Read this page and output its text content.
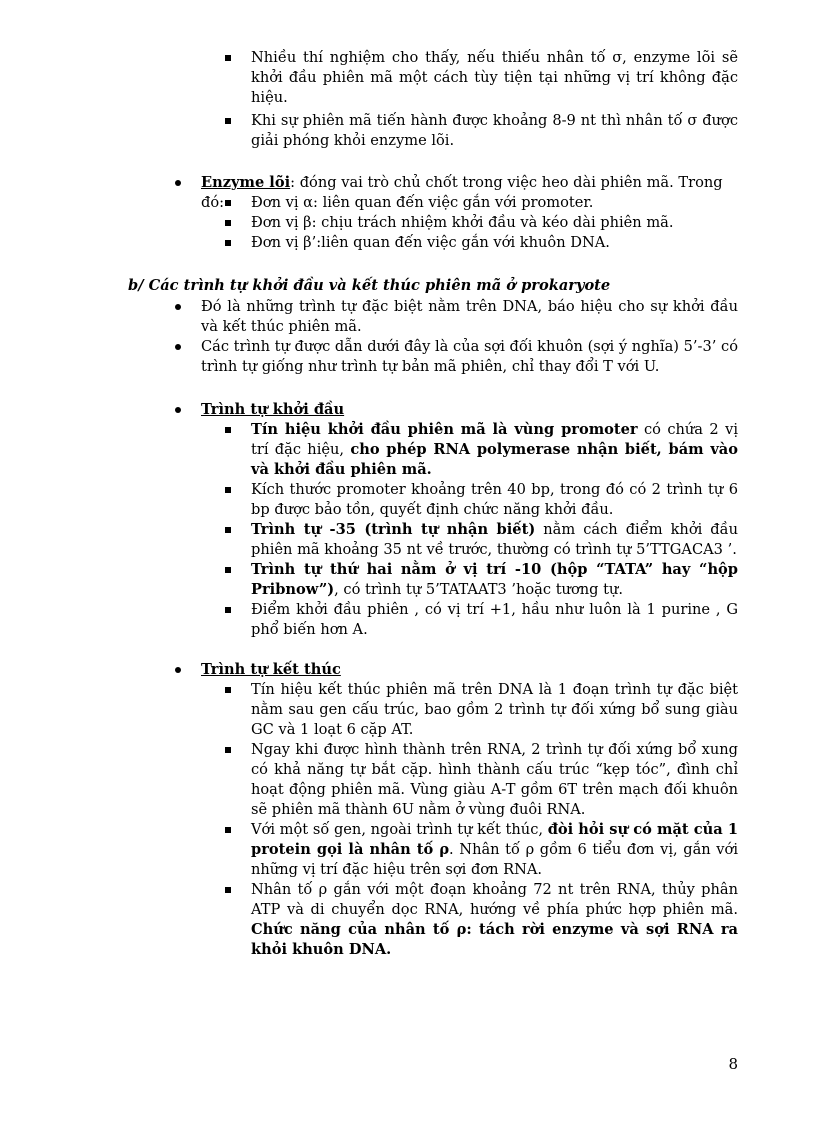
Nhiều thí nghiệm cho thấy, nếu thiếu nhân tố σ, enzyme lõi sẽ khởi đầu phiên mã một cách tùy tiện tại những vị trí không đặc hiệu.

Khi sự phiên mã tiến hành được khoảng 8-9 nt thì nhân tố σ được giải phóng khỏi enzyme lõi.

Enzyme lõi: đóng vai trò chủ chốt trong việc heo dài phiên mã. Trong đó:	Đơn vị α: liên quan đến việc gắn với promoter.

Đơn vị β: chịu trách nhiệm khởi đầu và kéo dài phiên mã.

Đơn vị β’:liên quan đến việc gắn với khuôn DNA.

b/ Các trình tự khởi đầu và kết thúc phiên mã ở prokaryote

Đó là những trình tự đặc biệt nằm trên DNA, báo hiệu cho sự khởi đầu và kết thúc phiên mã.

Các trình tự được dẫn dưới đây là của sợi đối khuôn (sợi ý nghĩa) 5’-3’ có trình tự giống như trình tự bản mã phiên, chỉ thay đổi T với U.

Trình tự khởi đầu

Tín hiệu khởi đầu phiên mã là vùng promoter có chứa 2 vị trí đặc hiệu, cho phép RNA polymerase nhận biết, bám vào và khởi đầu phiên mã.

Kích thước promoter khoảng trên 40 bp, trong đó có 2 trình tự 6 bp được bảo tồn, quyết định chức năng khởi đầu.

Trình tự -35 (trình tự nhận biết) nằm cách điểm khởi đầu phiên mã khoảng 35 nt về trước, thường có trình tự 5’TTGACA3 ’.

Trình tự thứ hai nằm ở vị trí -10 (hộp “TATA” hay “hộp Pribnow”), có trình tự 5’TATAAT3 ’hoặc tương tự.

Điểm khởi đầu phiên , có vị trí +1, hầu như luôn là 1 purine , G phổ biến hơn A.

Trình tự kết thúc

Tín hiệu kết thúc phiên mã trên DNA là 1 đoạn trình tự đặc biệt nằm sau gen cấu trúc, bao gồm 2 trình tự đối xứng bổ sung giàu GC và 1 loạt 6 cặp AT.

Ngay khi được hình thành trên RNA, 2 trình tự đối xứng bổ xung có khả năng tự bắt cặp. hình thành cấu trúc “kẹp tóc”, đình chỉ hoạt động phiên mã. Vùng giàu A-T gồm 6T trên mạch đối khuôn sẽ phiên mã thành 6U nằm ở vùng đuôi RNA.

Với một số gen, ngoài trình tự kết thúc, đòi hỏi sự có mặt của 1 protein gọi là nhân tố ρ. Nhân tố ρ gồm 6 tiểu đơn vị, gắn với những vị trí đặc hiệu trên sợi đơn RNA.

Nhân tố ρ gắn với một đoạn khoảng 72 nt trên RNA, thủy phân ATP và di chuyển dọc RNA, hướng về phía phức hợp phiên mã. Chức năng của nhân tố ρ: tách rời enzyme và sợi RNA ra khỏi khuôn DNA.

8
